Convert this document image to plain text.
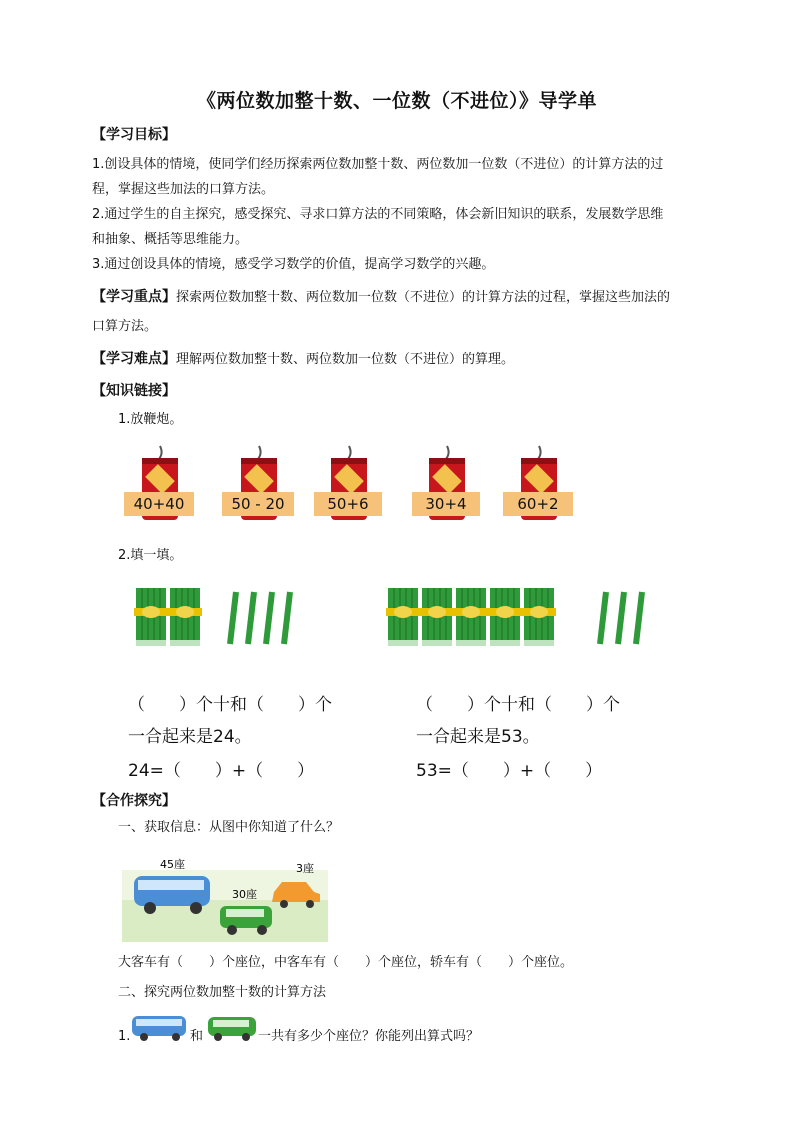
《两位数加整十数、一位数（不进位）》导学单
【学习目标】
1.创设具体的情境，使同学们经历探索两位数加整十数、两位数加一位数（不进位）的计算方法的过
程，掌握这些加法的口算方法。
2.通过学生的自主探究，感受探究、寻求口算方法的不同策略，体会新旧知识的联系，发展数学思维
和抽象、概括等思维能力。
3.通过创设具体的情境，感受学习数学的价值，提高学习数学的兴趣。
【学习重点】探索两位数加整十数、两位数加一位数（不进位）的计算方法的过程，掌握这些加法的
口算方法。
【学习难点】理解两位数加整十数、两位数加一位数（不进位）的算理。
【知识链接】
1.放鞭炮。
40+40	50 - 20	50+6	30+4	60+2
2.填一填。
（　　）个十和（　　）个
一合起来是24。
24=（　　）+（　　）
（　　）个十和（　　）个
一合起来是53。
53=（　　）+（　　）
【合作探究】
一、获取信息：从图中你知道了什么？
45座
30座
3座
大客车有（　　）个座位，中客车有（　　）个座位，轿车有（　　）个座位。
二、探究两位数加整十数的计算方法
1.	和	一共有多少个座位？你能列出算式吗？
